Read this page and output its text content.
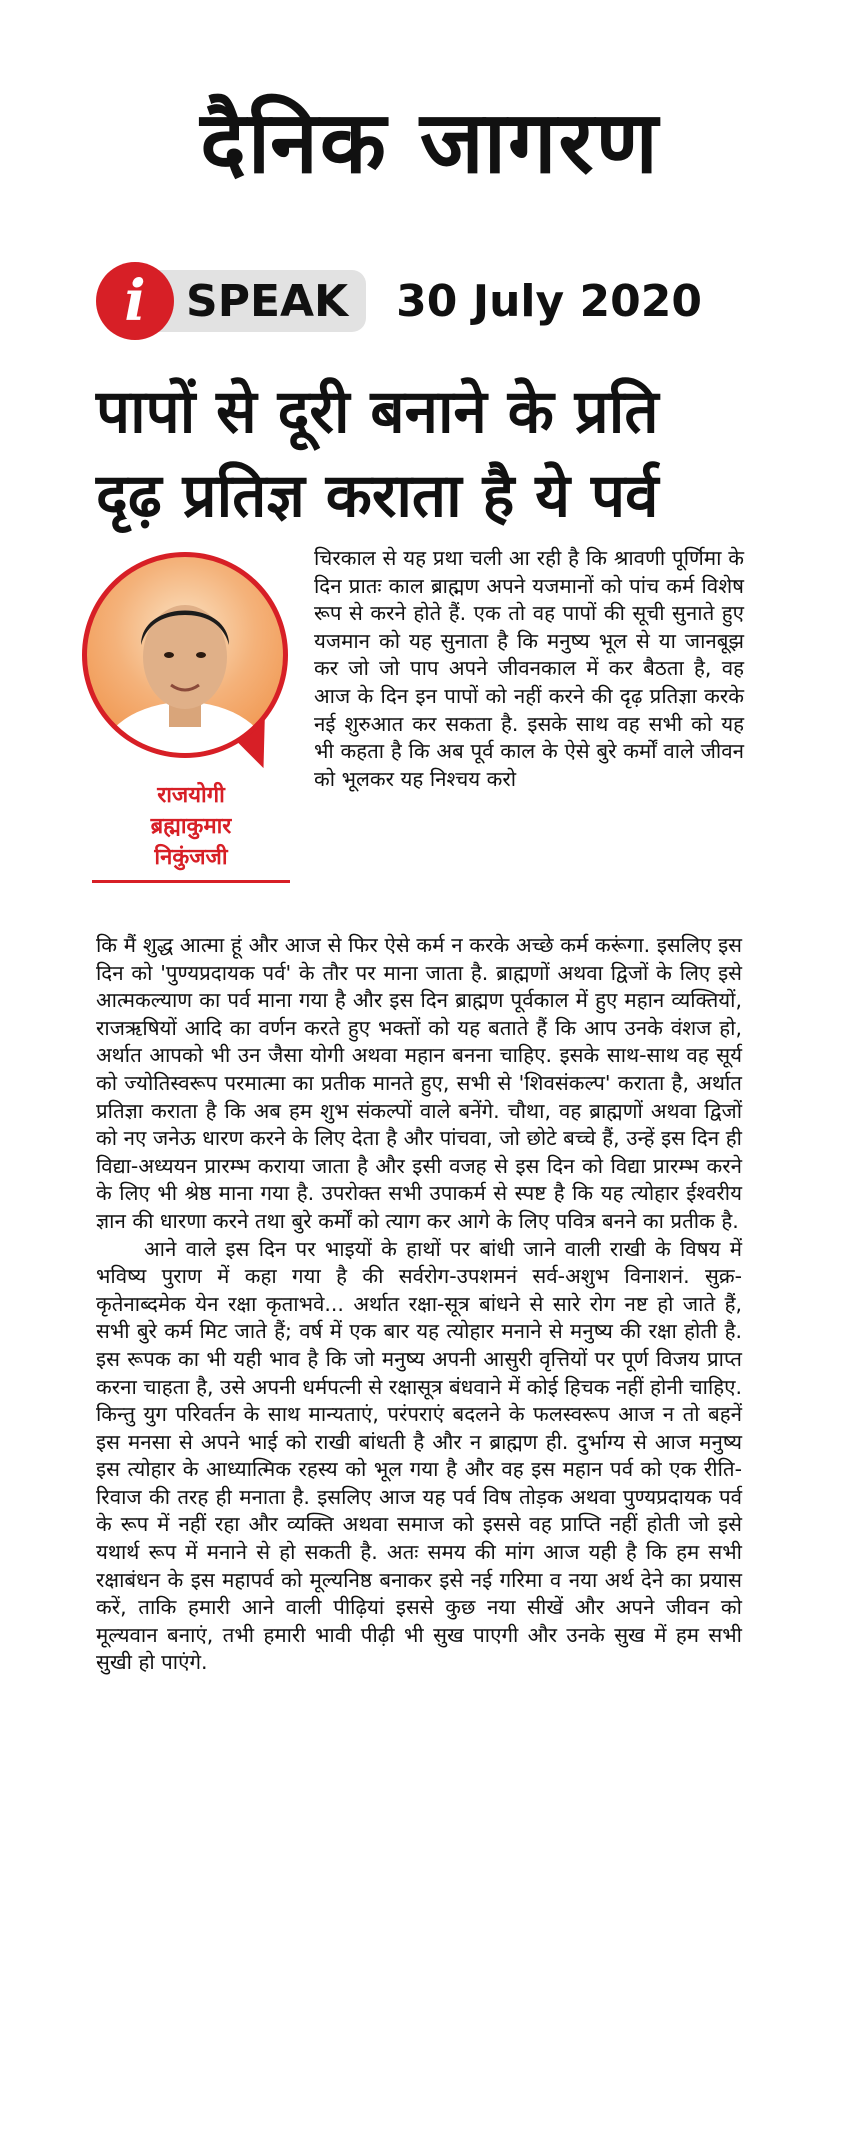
दैनिक जागरण
i SPEAK	30 July 2020
पापों से दूरी बनाने के प्रति
दृढ़ प्रतिज्ञ कराता है ये पर्व
राजयोगी
ब्रह्माकुमार
निकुंजजी

चिरकाल से यह प्रथा चली आ रही है कि श्रावणी पूर्णिमा के दिन प्रातः काल ब्राह्मण अपने यजमानों को पांच कर्म विशेष रूप से करने होते हैं. एक तो वह पापों की सूची सुनाते हुए यजमान को यह सुनाता है कि मनुष्य भूल से या जानबूझ कर जो जो पाप अपने जीवनकाल में कर बैठता है, वह आज के दिन इन पापों को नहीं करने की दृढ़ प्रतिज्ञा करके नई शुरुआत कर सकता है. इसके साथ वह सभी को यह भी कहता है कि अब पूर्व काल के ऐसे बुरे कर्मों वाले जीवन को भूलकर यह निश्चय करो

कि मैं शुद्ध आत्मा हूं और आज से फिर ऐसे कर्म न करके अच्छे कर्म करूंगा. इसलिए इस दिन को 'पुण्यप्रदायक पर्व' के तौर पर माना जाता है. ब्राह्मणों अथवा द्विजों के लिए इसे आत्मकल्याण का पर्व माना गया है और इस दिन ब्राह्मण पूर्वकाल में हुए महान व्यक्तियों, राजऋषियों आदि का वर्णन करते हुए भक्तों को यह बताते हैं कि आप उनके वंशज हो, अर्थात आपको भी उन जैसा योगी अथवा महान बनना चाहिए. इसके साथ-साथ वह सूर्य को ज्योतिस्वरूप परमात्मा का प्रतीक मानते हुए, सभी से 'शिवसंकल्प' कराता है, अर्थात प्रतिज्ञा कराता है कि अब हम शुभ संकल्पों वाले बनेंगे. चौथा, वह ब्राह्मणों अथवा द्विजों को नए जनेऊ धारण करने के लिए देता है और पांचवा, जो छोटे बच्चे हैं, उन्हें इस दिन ही विद्या-अध्ययन प्रारम्भ कराया जाता है और इसी वजह से इस दिन को विद्या प्रारम्भ करने के लिए भी श्रेष्ठ माना गया है. उपरोक्त सभी उपाकर्म से स्पष्ट है कि यह त्योहार ईश्वरीय ज्ञान की धारणा करने तथा बुरे कर्मों को त्याग कर आगे के लिए पवित्र बनने का प्रतीक है.

आने वाले इस दिन पर भाइयों के हाथों पर बांधी जाने वाली राखी के विषय में भविष्य पुराण में कहा गया है की सर्वरोग-उपशमनं सर्व-अशुभ विनाशनं. सुक्र-कृतेनाब्दमेक येन रक्षा कृताभवे... अर्थात रक्षा-सूत्र बांधने से सारे रोग नष्ट हो जाते हैं, सभी बुरे कर्म मिट जाते हैं; वर्ष में एक बार यह त्योहार मनाने से मनुष्य की रक्षा होती है. इस रूपक का भी यही भाव है कि जो मनुष्य अपनी आसुरी वृत्तियों पर पूर्ण विजय प्राप्त करना चाहता है, उसे अपनी धर्मपत्नी से रक्षासूत्र बंधवाने में कोई हिचक नहीं होनी चाहिए. किन्तु युग परिवर्तन के साथ मान्यताएं, परंपराएं बदलने के फलस्वरूप आज न तो बहनें इस मनसा से अपने भाई को राखी बांधती है और न ब्राह्मण ही. दुर्भाग्य से आज मनुष्य इस त्योहार के आध्यात्मिक रहस्य को भूल गया है और वह इस महान पर्व को एक रीति-रिवाज की तरह ही मनाता है. इसलिए आज यह पर्व विष तोड़क अथवा पुण्यप्रदायक पर्व के रूप में नहीं रहा और व्यक्ति अथवा समाज को इससे वह प्राप्ति नहीं होती जो इसे यथार्थ रूप में मनाने से हो सकती है. अतः समय की मांग आज यही है कि हम सभी रक्षाबंधन के इस महापर्व को मूल्यनिष्ठ बनाकर इसे नई गरिमा व नया अर्थ देने का प्रयास करें, ताकि हमारी आने वाली पीढ़ियां इससे कुछ नया सीखें और अपने जीवन को मूल्यवान बनाएं, तभी हमारी भावी पीढ़ी भी सुख पाएगी और उनके सुख में हम सभी सुखी हो पाएंगे.
